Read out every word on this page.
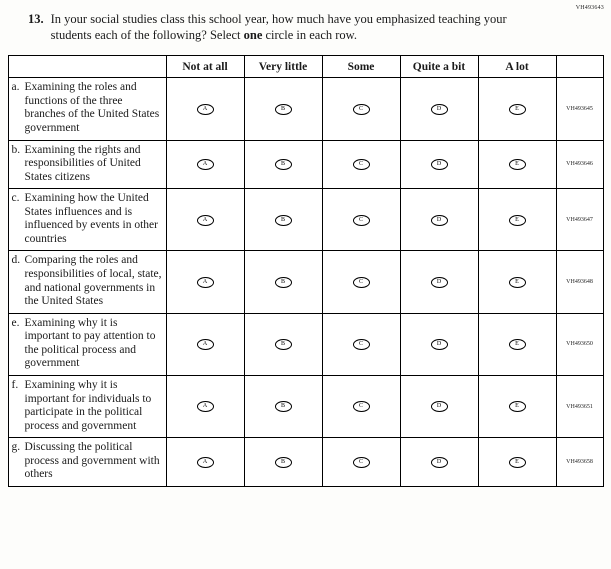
VH493643
13. In your social studies class this school year, how much have you emphasized teaching your students each of the following? Select one circle in each row.
	Not at all	Very little	Some	Quite a bit	A lot	

a. Examining the roles and functions of the three branches of the United States government	A	B	C	D	E	VH493645

b. Examining the rights and responsibilities of United States citizens	A	B	C	D	E	VH493646

c. Examining how the United States influences and is influenced by events in other countries	A	B	C	D	E	VH493647

d. Comparing the roles and responsibilities of local, state, and national governments in the United States	A	B	C	D	E	VH493648

e. Examining why it is important to pay attention to the political process and government	A	B	C	D	E	VH493650

f. Examining why it is important for individuals to participate in the political process and government	A	B	C	D	E	VH493651

g. Discussing the political process and government with others	A	B	C	D	E	VH493658
